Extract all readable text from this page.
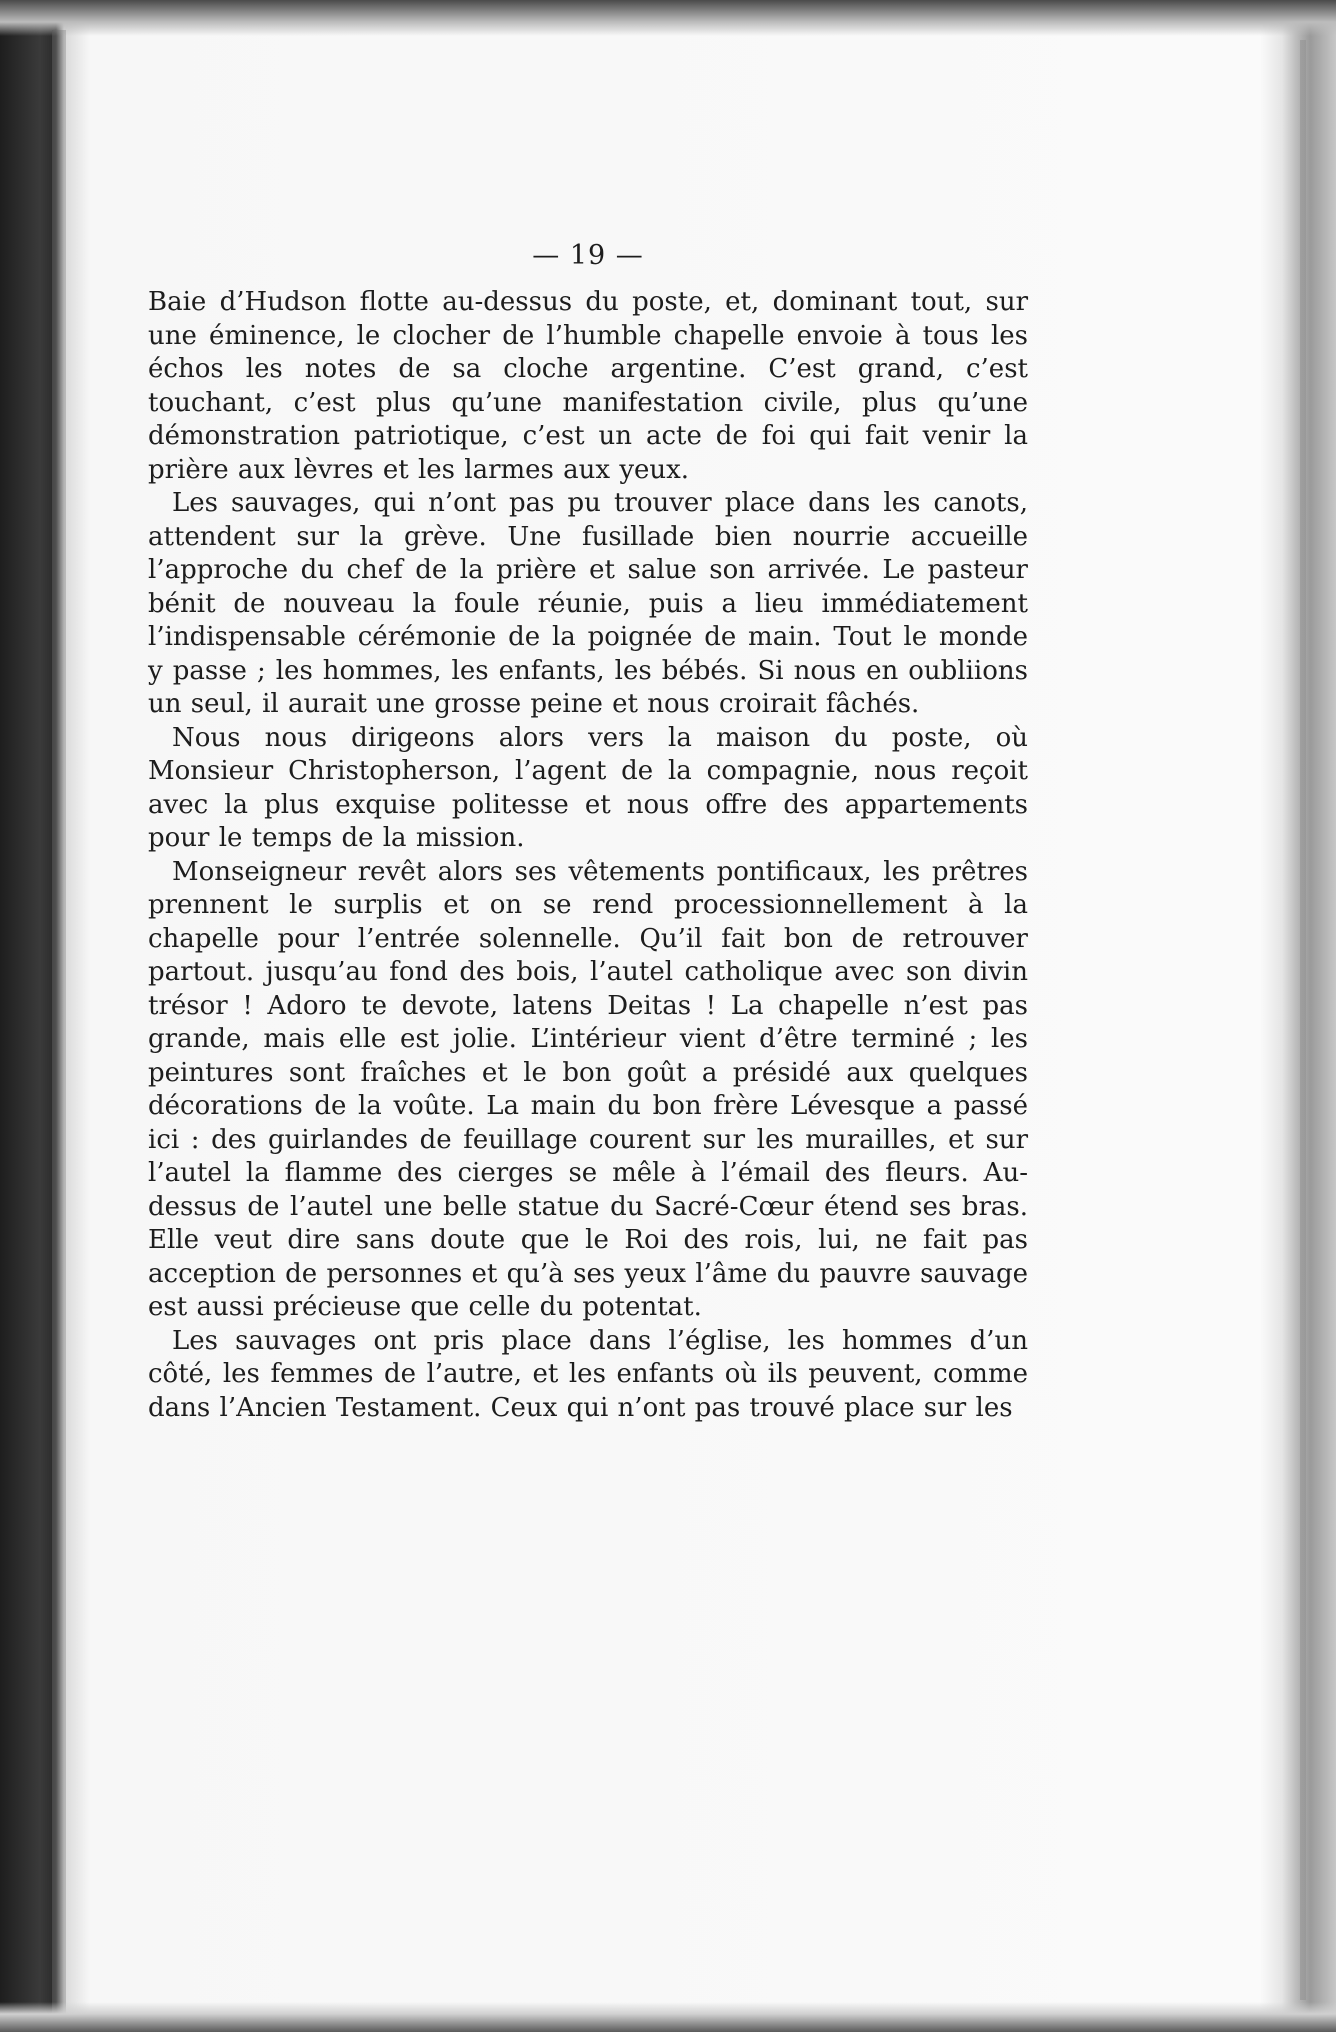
— 19 —

Baie d’Hudson flotte au-dessus du poste, et, dominant tout, sur une éminence, le clocher de l’humble chapelle envoie à tous les échos les notes de sa cloche argentine. C’est grand, c’est touchant, c’est plus qu’une manifestation civile, plus qu’une démonstration patriotique, c’est un acte de foi qui fait venir la prière aux lèvres et les larmes aux yeux.

Les sauvages, qui n’ont pas pu trouver place dans les canots, attendent sur la grève. Une fusillade bien nourrie accueille l’approche du chef de la prière et salue son arrivée. Le pasteur bénit de nouveau la foule réunie, puis a lieu immédiatement l’indispensable cérémonie de la poignée de main. Tout le monde y passe ; les hommes, les enfants, les bébés. Si nous en oubliions un seul, il aurait une grosse peine et nous croirait fâchés.

Nous nous dirigeons alors vers la maison du poste, où Monsieur Christopherson, l’agent de la compagnie, nous reçoit avec la plus exquise politesse et nous offre des appartements pour le temps de la mission.

Monseigneur revêt alors ses vêtements pontificaux, les prêtres prennent le surplis et on se rend processionnellement à la chapelle pour l’entrée solennelle. Qu’il fait bon de retrouver partout. jusqu’au fond des bois, l’autel catholique avec son divin trésor ! Adoro te devote, latens Deitas ! La chapelle n’est pas grande, mais elle est jolie. L’intérieur vient d’être terminé ; les peintures sont fraîches et le bon goût a présidé aux quelques décorations de la voûte. La main du bon frère Lévesque a passé ici : des guirlandes de feuillage courent sur les murailles, et sur l’autel la flamme des cierges se mêle à l’émail des fleurs. Au-dessus de l’autel une belle statue du Sacré-Cœur étend ses bras. Elle veut dire sans doute que le Roi des rois, lui, ne fait pas acception de personnes et qu’à ses yeux l’âme du pauvre sauvage est aussi précieuse que celle du potentat.

Les sauvages ont pris place dans l’église, les hommes d’un côté, les femmes de l’autre, et les enfants où ils peuvent, comme dans l’Ancien Testament. Ceux qui n’ont pas trouvé place sur les
